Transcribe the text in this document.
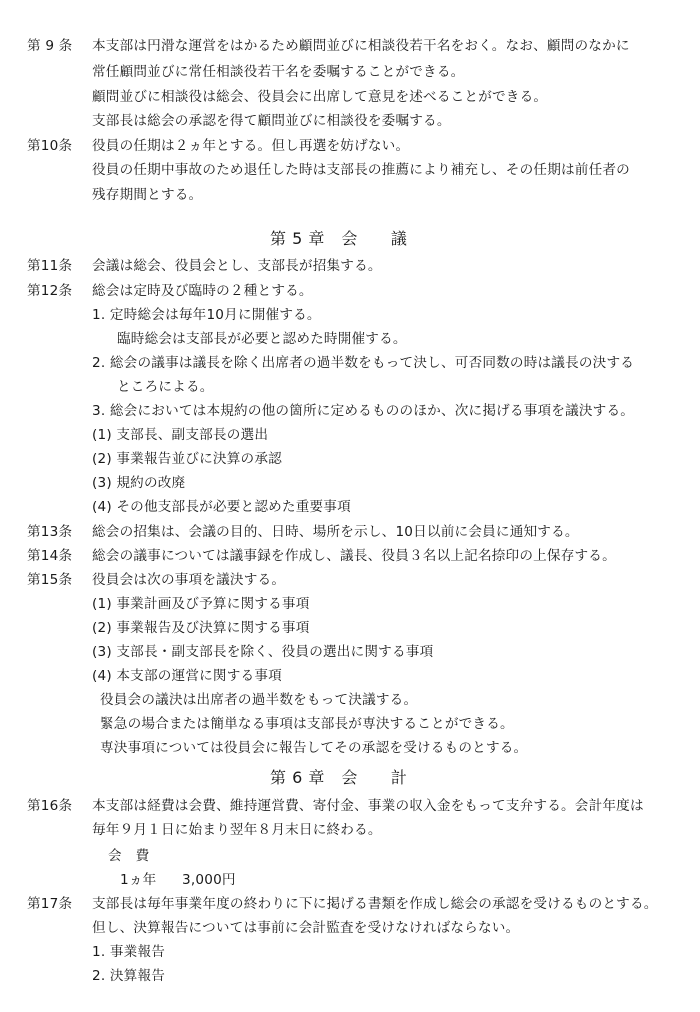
第 9 条 本支部は円滑な運営をはかるため顧問並びに相談役若干名をおく。なお、顧問のなかに
常任顧問並びに常任相談役若干名を委嘱することができる。
顧問並びに相談役は総会、役員会に出席して意見を述べることができる。
支部長は総会の承認を得て顧問並びに相談役を委嘱する。
第10条 役員の任期は２ヵ年とする。但し再選を妨げない。
役員の任期中事故のため退任した時は支部長の推薦により補充し、その任期は前任者の
残存期間とする。
第 5 章　会　　議
第11条 会議は総会、役員会とし、支部長が招集する。
第12条 総会は定時及び臨時の２種とする。
1. 定時総会は毎年10月に開催する。
臨時総会は支部長が必要と認めた時開催する。
2. 総会の議事は議長を除く出席者の過半数をもって決し、可否同数の時は議長の決する
ところによる。
3. 総会においては本規約の他の箇所に定めるもののほか、次に掲げる事項を議決する。
(1) 支部長、副支部長の選出
(2) 事業報告並びに決算の承認
(3) 規約の改廃
(4) その他支部長が必要と認めた重要事項
第13条 総会の招集は、会議の目的、日時、場所を示し、10日以前に会員に通知する。
第14条 総会の議事については議事録を作成し、議長、役員３名以上記名捺印の上保存する。
第15条 役員会は次の事項を議決する。
(1) 事業計画及び予算に関する事項
(2) 事業報告及び決算に関する事項
(3) 支部長・副支部長を除く、役員の選出に関する事項
(4) 本支部の運営に関する事項
役員会の議決は出席者の過半数をもって決議する。
緊急の場合または簡単なる事項は支部長が専決することができる。
専決事項については役員会に報告してその承認を受けるものとする。
第 6 章　会　　計
第16条 本支部は経費は会費、維持運営費、寄付金、事業の収入金をもって支弁する。会計年度は
毎年９月１日に始まり翌年８月末日に終わる。
会　費
1ヵ年 3,000円
第17条 支部長は毎年事業年度の終わりに下に掲げる書類を作成し総会の承認を受けるものとする。
但し、決算報告については事前に会計監査を受けなければならない。
1. 事業報告
2. 決算報告
